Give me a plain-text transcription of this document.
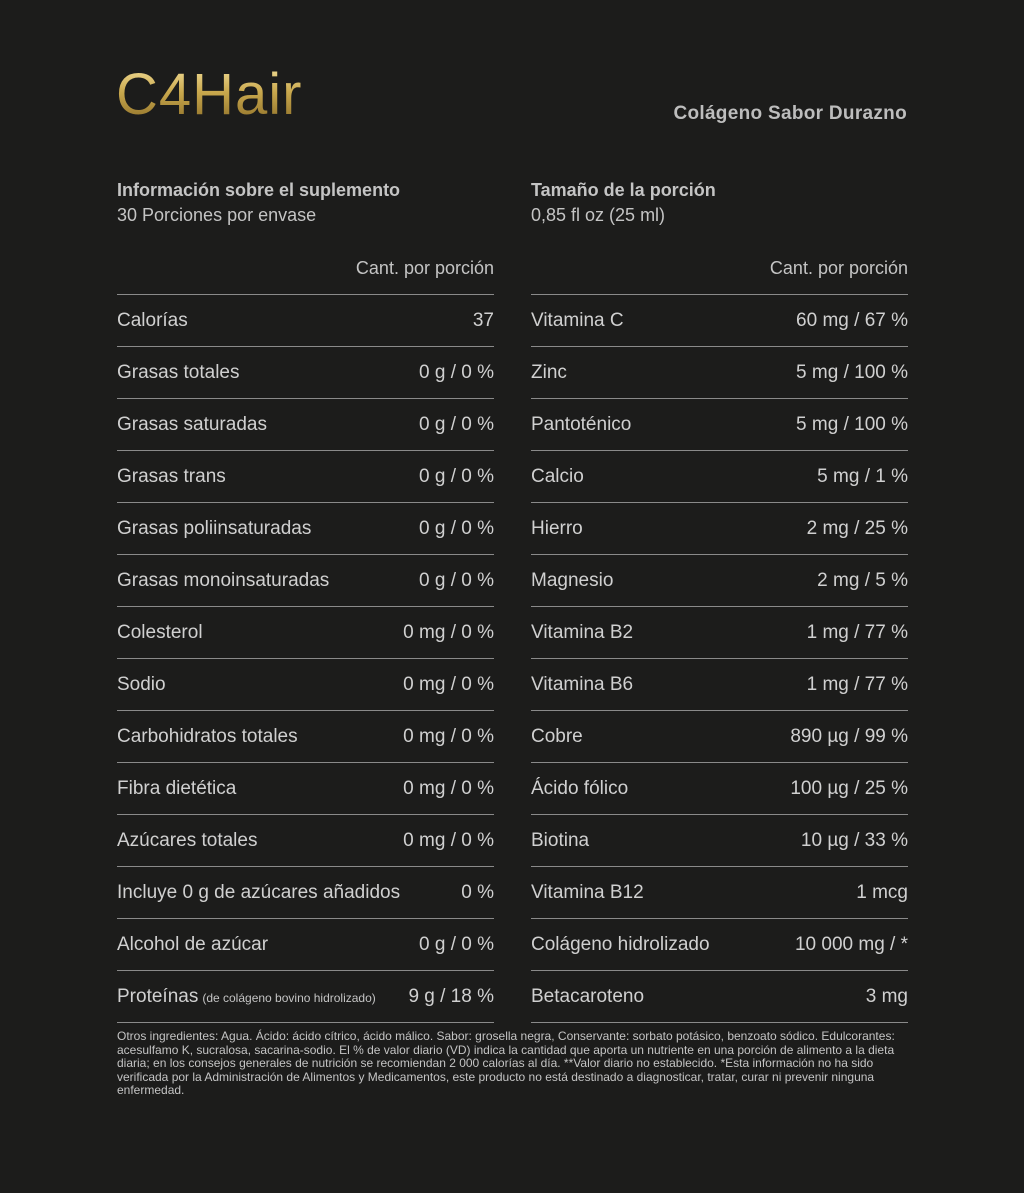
C4Hair	Colágeno Sabor Durazno
Información sobre el suplemento
30 Porciones por envase
Cant. por porción
Calorías	37
Grasas totales	0 g / 0 %
Grasas saturadas	0 g / 0 %
Grasas trans	0 g / 0 %
Grasas poliinsaturadas	0 g / 0 %
Grasas monoinsaturadas	0 g / 0 %
Colesterol	0 mg / 0 %
Sodio	0 mg / 0 %
Carbohidratos totales	0 mg / 0 %
Fibra dietética	0 mg / 0 %
Azúcares totales	0 mg / 0 %
Incluye 0 g de azúcares añadidos	0 %
Alcohol de azúcar	0 g / 0 %
Proteínas (de colágeno bovino hidrolizado) 9 g / 18 %
Tamaño de la porción
0,85 fl oz (25 ml)
Cant. por porción
Vitamina C	60 mg / 67 %
Zinc	5 mg / 100 %
Pantoténico	5 mg / 100 %
Calcio	5 mg / 1 %
Hierro	2 mg / 25 %
Magnesio	2 mg / 5 %
Vitamina B2	1 mg / 77 %
Vitamina B6	1 mg / 77 %
Cobre	890 µg / 99 %
Ácido fólico	100 µg / 25 %
Biotina	10 µg / 33 %
Vitamina B12	1 mcg
Colágeno hidrolizado	10 000 mg / *
Betacaroteno	3 mg
Otros ingredientes: Agua. Ácido: ácido cítrico, ácido málico. Sabor: grosella negra, Conservante: sorbato potásico, benzoato sódico. Edulcorantes: acesulfamo K, sucralosa, sacarina-sodio. El % de valor diario (VD) indica la cantidad que aporta un nutriente en una porción de alimento a la dieta diaria; en los consejos generales de nutrición se recomiendan 2 000 calorías al día. **Valor diario no establecido. *Esta información no ha sido verificada por la Administración de Alimentos y Medicamentos, este producto no está destinado a diagnosticar, tratar, curar ni prevenir ninguna enfermedad.
